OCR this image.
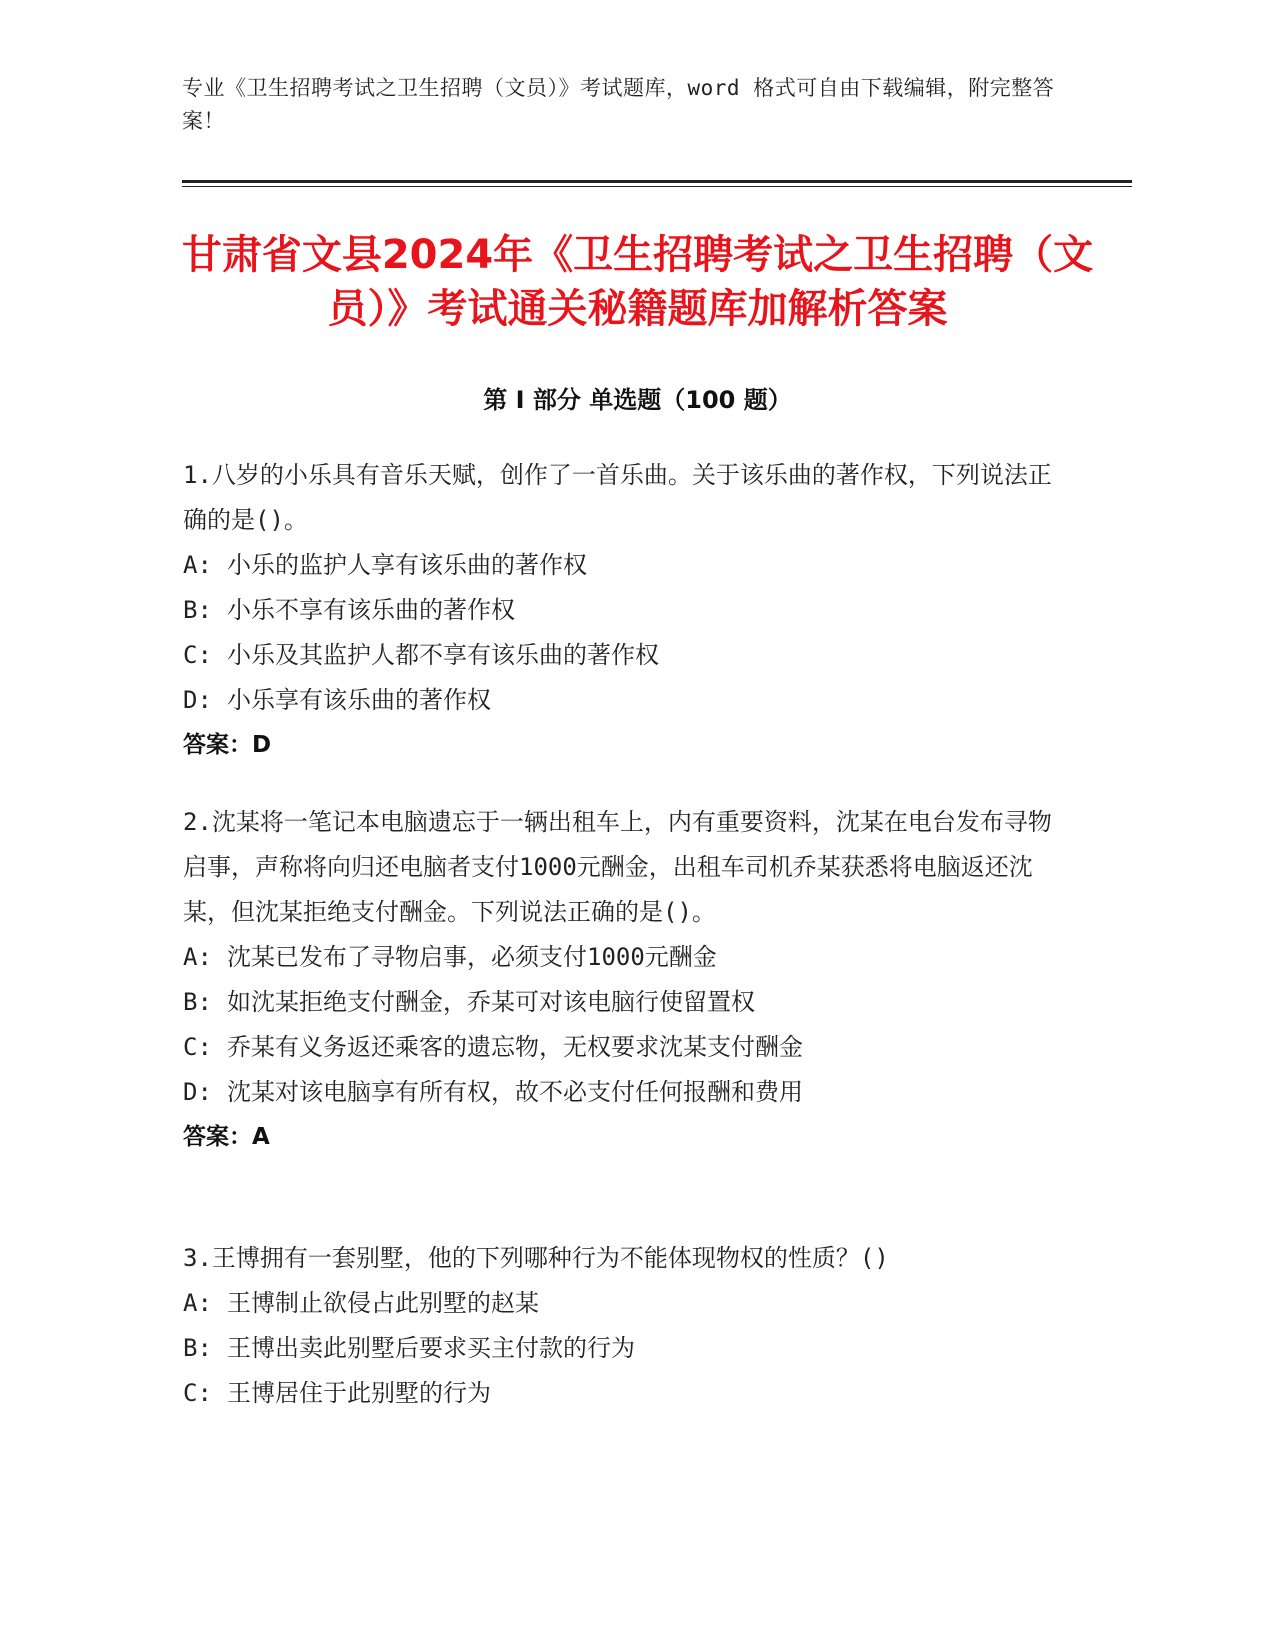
专业《卫生招聘考试之卫生招聘（文员）》考试题库，word 格式可自由下载编辑，附完整答案！
甘肃省文县2024年《卫生招聘考试之卫生招聘（文员）》考试通关秘籍题库加解析答案
第 I 部分 单选题（100 题）

1.八岁的小乐具有音乐天赋，创作了一首乐曲。关于该乐曲的著作权，下列说法正确的是()。

A: 小乐的监护人享有该乐曲的著作权

B: 小乐不享有该乐曲的著作权

C: 小乐及其监护人都不享有该乐曲的著作权

D: 小乐享有该乐曲的著作权

答案：D

2.沈某将一笔记本电脑遗忘于一辆出租车上，内有重要资料，沈某在电台发布寻物启事，声称将向归还电脑者支付1000元酬金，出租车司机乔某获悉将电脑返还沈某，但沈某拒绝支付酬金。下列说法正确的是()。

A: 沈某已发布了寻物启事，必须支付1000元酬金

B: 如沈某拒绝支付酬金，乔某可对该电脑行使留置权

C: 乔某有义务返还乘客的遗忘物，无权要求沈某支付酬金

D: 沈某对该电脑享有所有权，故不必支付任何报酬和费用

答案：A

3.王博拥有一套别墅，他的下列哪种行为不能体现物权的性质？()

A: 王博制止欲侵占此别墅的赵某

B: 王博出卖此别墅后要求买主付款的行为

C: 王博居住于此别墅的行为
